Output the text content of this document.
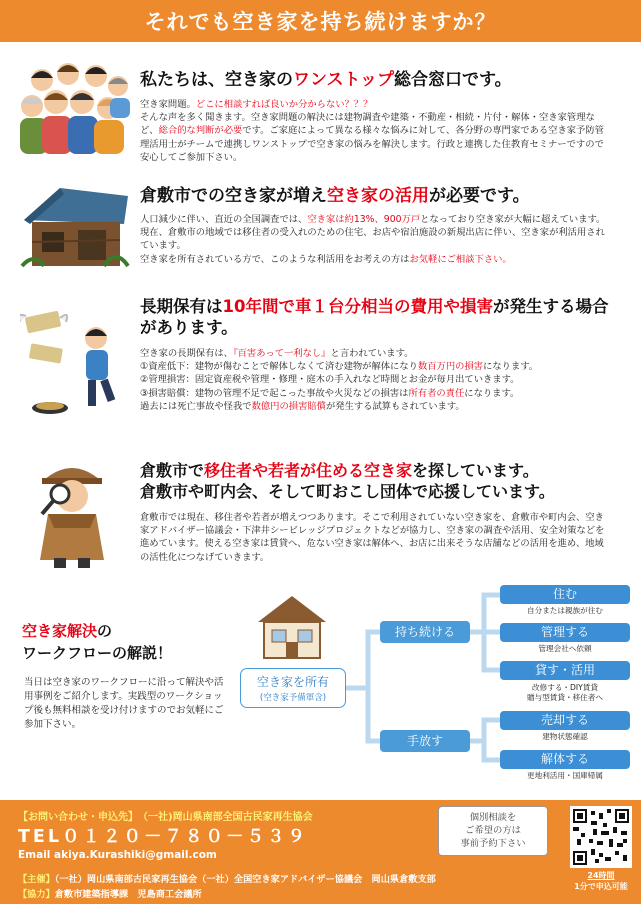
それでも空き家を持ち続けますか？
私たちは、空き家のワンストップ総合窓口です。

空き家問題。どこに相談すれば良いか分からない？？？

そんな声を多く聞きます。空き家問題の解決には建物調査や建築・不動産・相続・片付・解体・空き家管理など、総合的な判断が必要です。ご家庭によって異なる様々な悩みに対して、各分野の専門家である空き家予防管理活用士がチームで連携しワンストップで空き家の悩みを解決します。行政と連携した住教育セミナーですので安心してご参加下さい。

倉敷市での空き家が増え空き家の活用が必要です。

人口減少に伴い、直近の全国調査では、空き家は約13%、900万戸となっており空き家が大幅に超えています。現在、倉敷市の地域では移住者の受入れのための住宅、お店や宿泊施設の新規出店に伴い、空き家が利活用されています。

空き家を所有されている方で、このような利活用をお考えの方はお気軽にご相談下さい。

長期保有は10年間で車１台分相当の費用や損害が発生する場合があります。

空き家の長期保有は、『百害あって一利なし』と言われています。

①資産低下：建物が傷むことで解体しなくて済む建物が解体になり数百万円の損害になります。

②管理損害：固定資産税や管理・修理・庭木の手入れなど時間とお金が毎月出ていきます。

③損害賠償：建物の管理不足で起こった事故や火災などの損害は所有者の責任になります。

過去には死亡事故や怪我で数億円の損害賠償が発生する試算もされています。

倉敷市で移住者や若者が住める空き家を探しています。
倉敷市や町内会、そして町おこし団体で応援しています。

倉敷市では現在、移住者や若者が増えつつあります。そこで利用されていない空き家を、倉敷市や町内会、空き家アドバイザー協議会・下津井シービレッジプロジェクトなどが協力し、空き家の調査や活用、安全対策などを進めています。使える空き家は賃貸へ、危ない空き家は解体へ、お店に出来そうな店舗などの活用を進め、地域の活性化につなげていきます。

空き家解決の
ワークフローの解説！
当日は空き家のワークフローに沿って解決や活用事例をご紹介します。実践型のワークショップ後も無料相談を受け付けますのでお気軽にご参加下さい。
空き家を所有
(空き家予備軍含)
持ち続ける
手放す
住む
自分または親族が住む
管理する
管理会社へ依頼
貸す・活用
改修する・DIY賃貸
贈与型賃貸・移住者へ
売却する
建物状態確認
解体する
更地利活用・国庫帰属
【お問い合わせ・申込先】　 （一社)岡山県南部全国古民家再生協会
TEL０１２０－７８０－５３９
Email akiya.Kurashiki@gmail.com
【主催】（一社）岡山県南部古民家再生協会（一社）全国空き家アドバイザー協議会　岡山県倉敷支部
【協力】倉敷市建築指導課　児島商工会議所
個別相談を
ご希望の方は
事前予約下さい
24時間
1分で申込可能
